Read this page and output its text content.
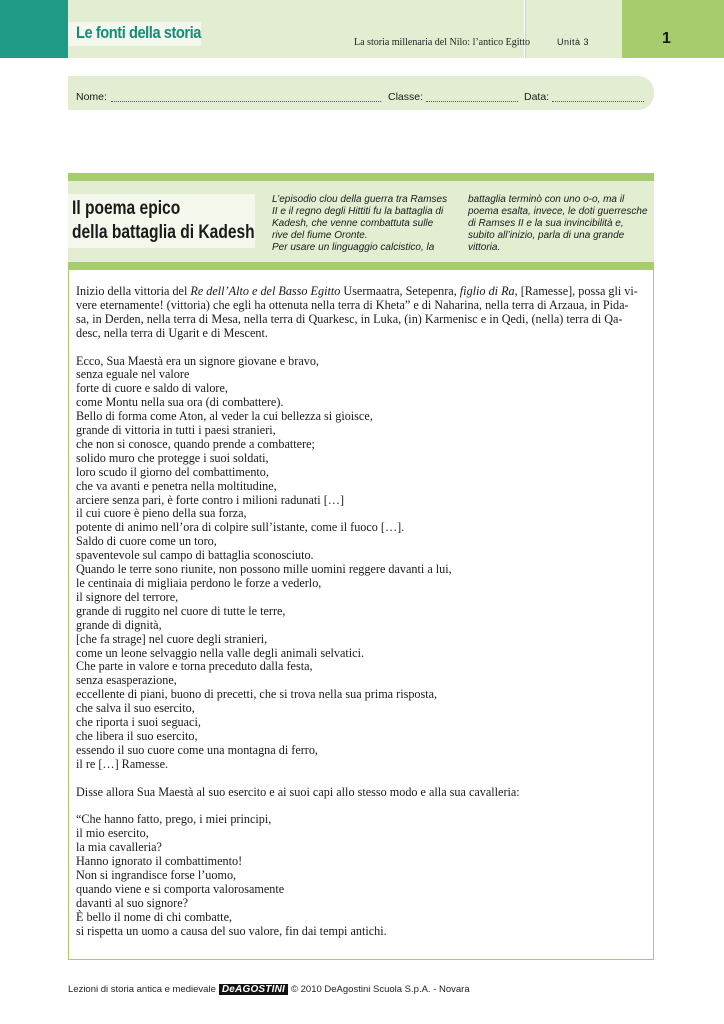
Le fonti della storia
La storia millenaria del Nilo: l’antico Egitto	Unità 3	1
Nome:	Classe:	Data:
Il poema epico
della battaglia di Kadesh
L’episodio clou della guerra tra Ramses
II e il regno degli Hittiti fu la battaglia di
Kadesh, che venne combattuta sulle
rive del fiume Oronte.
Per usare un linguaggio calcistico, la
battaglia terminò con uno o-o, ma il
poema esalta, invece, le doti guerresche
di Ramses II e la sua invincibilità e,
subito all’inizio, parla di una grande
vittoria.
Inizio della vittoria del Re dell’Alto e del Basso Egitto Usermaatra, Setepenra, figlio di Ra, [Ramesse], possa gli vi-
vere eternamente! (vittoria) che egli ha ottenuta nella terra di Kheta” e di Naharina, nella terra di Arzaua, in Pida-
sa, in Derden, nella terra di Mesa, nella terra di Quarkesc, in Luka, (in) Karmenisc e in Qedi, (nella) terra di Qa-
desc, nella terra di Ugarit e di Mescent.
Ecco, Sua Maestà era un signore giovane e bravo,
senza eguale nel valore
forte di cuore e saldo di valore,
come Montu nella sua ora (di combattere).
Bello di forma come Aton, al veder la cui bellezza si gioisce,
grande di vittoria in tutti i paesi stranieri,
che non si conosce, quando prende a combattere;
solido muro che protegge i suoi soldati,
loro scudo il giorno del combattimento,
che va avanti e penetra nella moltitudine,
arciere senza pari, è forte contro i milioni radunati […]
il cui cuore è pieno della sua forza,
potente di animo nell’ora di colpire sull’istante, come il fuoco […].
Saldo di cuore come un toro,
spaventevole sul campo di battaglia sconosciuto.
Quando le terre sono riunite, non possono mille uomini reggere davanti a lui,
le centinaia di migliaia perdono le forze a vederlo,
il signore del terrore,
grande di ruggito nel cuore di tutte le terre,
grande di dignità,
[che fa strage] nel cuore degli stranieri,
come un leone selvaggio nella valle degli animali selvatici.
Che parte in valore e torna preceduto dalla festa,
senza esasperazione,
eccellente di piani, buono di precetti, che si trova nella sua prima risposta,
che salva il suo esercito,
che riporta i suoi seguaci,
che libera il suo esercito,
essendo il suo cuore come una montagna di ferro,
il re […] Ramesse.
Disse allora Sua Maestà al suo esercito e ai suoi capi allo stesso modo e alla sua cavalleria:
“Che hanno fatto, prego, i miei principi,
il mio esercito,
la mia cavalleria?
Hanno ignorato il combattimento!
Non si ingrandisce forse l’uomo,
quando viene e si comporta valorosamente
davanti al suo signore?
È bello il nome di chi combatte,
si rispetta un uomo a causa del suo valore, fin dai tempi antichi.
Lezioni di storia antica e medievale DeAGOSTINI © 2010 DeAgostini Scuola S.p.A. - Novara
